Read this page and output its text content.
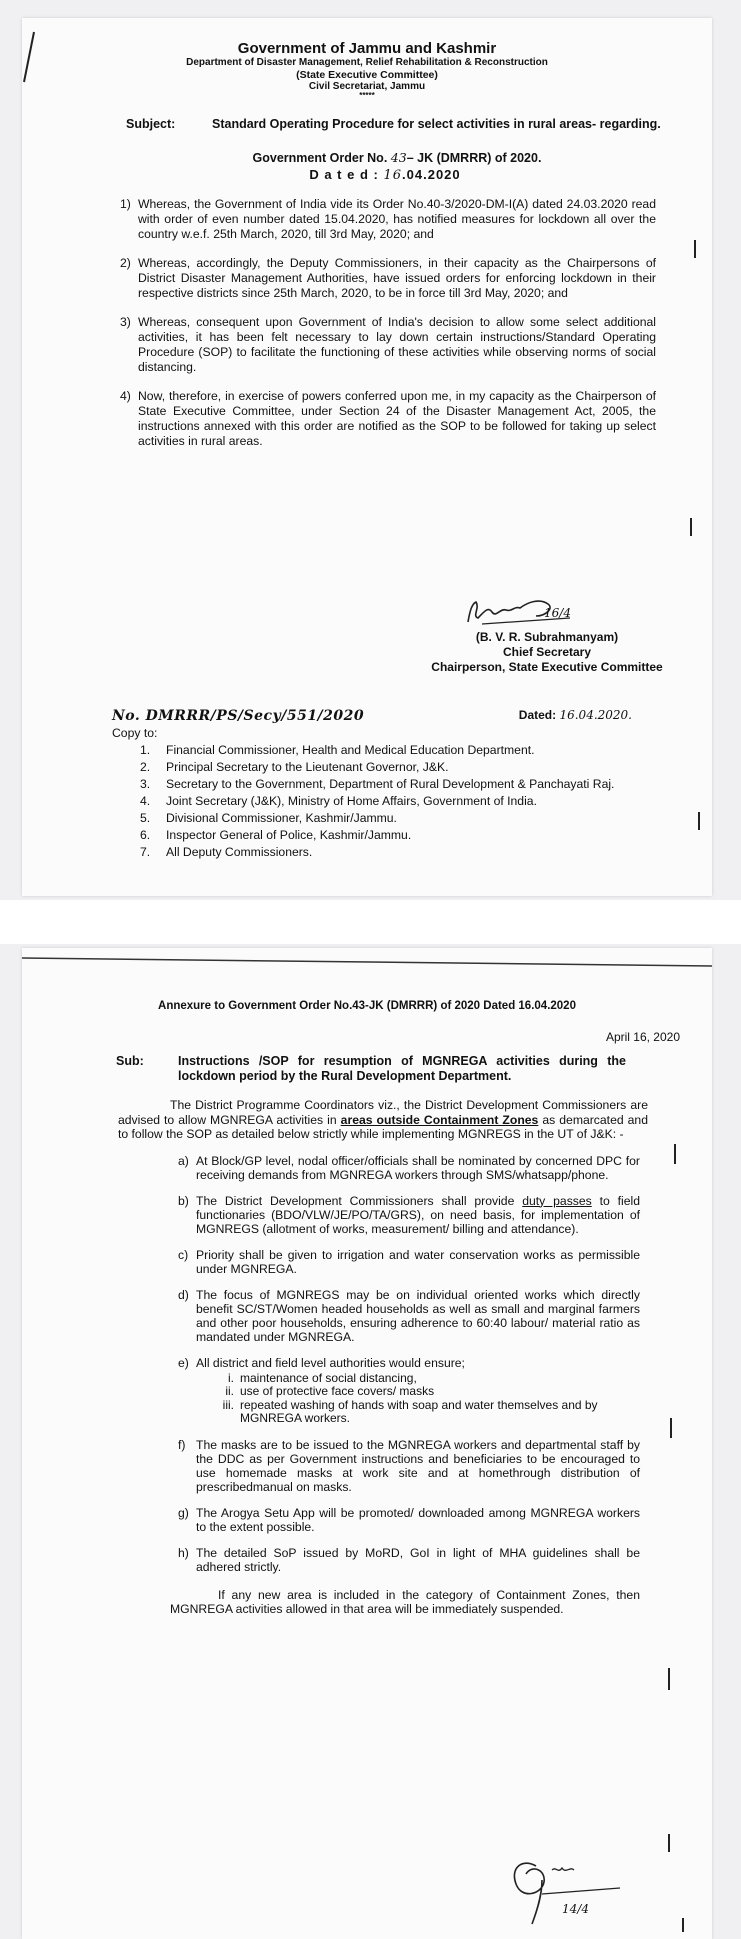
Government of Jammu and Kashmir
Department of Disaster Management, Relief Rehabilitation & Reconstruction
(State Executive Committee)
Civil Secretariat, Jammu
*****
Subject:	Standard Operating Procedure for select activities in rural areas- regarding.
Government Order No. 43– JK (DMRRR) of 2020.
D a t e d : 16.04.2020
1) Whereas, the Government of India vide its Order No.40-3/2020-DM-I(A) dated 24.03.2020 read with order of even number dated 15.04.2020, has notified measures for lockdown all over the country w.e.f. 25th March, 2020, till 3rd May, 2020; and
2) Whereas, accordingly, the Deputy Commissioners, in their capacity as the Chairpersons of District Disaster Management Authorities, have issued orders for enforcing lockdown in their respective districts since 25th March, 2020, to be in force till 3rd May, 2020; and
3) Whereas, consequent upon Government of India's decision to allow some select additional activities, it has been felt necessary to lay down certain instructions/Standard Operating Procedure (SOP) to facilitate the functioning of these activities while observing norms of social distancing.
4) Now, therefore, in exercise of powers conferred upon me, in my capacity as the Chairperson of State Executive Committee, under Section 24 of the Disaster Management Act, 2005, the instructions annexed with this order are notified as the SOP to be followed for taking up select activities in rural areas.
16/4
(B. V. R. Subrahmanyam)
Chief Secretary
Chairperson, State Executive Committee
No. DMRRR/PS/Secy/551/2020	Dated: 16.04.2020.
Copy to:
1.	Financial Commissioner, Health and Medical Education Department.
2.	Principal Secretary to the Lieutenant Governor, J&K.
3.	Secretary to the Government, Department of Rural Development & Panchayati Raj.
4.	Joint Secretary (J&K), Ministry of Home Affairs, Government of India.
5.	Divisional Commissioner, Kashmir/Jammu.
6.	Inspector General of Police, Kashmir/Jammu.
7.	All Deputy Commissioners.
Annexure to Government Order No.43-JK (DMRRR) of 2020 Dated 16.04.2020
April 16, 2020
Sub:	Instructions /SOP for resumption of MGNREGA activities during the lockdown period by the Rural Development Department.
The District Programme Coordinators viz., the District Development Commissioners are advised to allow MGNREGA activities in areas outside Containment Zones as demarcated and to follow the SOP as detailed below strictly while implementing MGNREGS in the UT of J&K: -
a) At Block/GP level, nodal officer/officials shall be nominated by concerned DPC for receiving demands from MGNREGA workers through SMS/whatsapp/phone.
b) The District Development Commissioners shall provide duty passes to field functionaries (BDO/VLW/JE/PO/TA/GRS), on need basis, for implementation of MGNREGS (allotment of works, measurement/ billing and attendance).
c) Priority shall be given to irrigation and water conservation works as permissible under MGNREGA.
d) The focus of MGNREGS may be on individual oriented works which directly benefit SC/ST/Women headed households as well as small and marginal farmers and other poor households, ensuring adherence to 60:40 labour/ material ratio as mandated under MGNREGA.
e) All district and field level authorities would ensure;
i. maintenance of social distancing,
ii. use of protective face covers/ masks
iii. repeated washing of hands with soap and water themselves and by MGNREGA workers.
f) The masks are to be issued to the MGNREGA workers and departmental staff by the DDC as per Government instructions and beneficiaries to be encouraged to use homemade masks at work site and at homethrough distribution of prescribedmanual on masks.
g) The Arogya Setu App will be promoted/ downloaded among MGNREGA workers to the extent possible.
h) The detailed SoP issued by MoRD, GoI in light of MHA guidelines shall be adhered strictly.
If any new area is included in the category of Containment Zones, then MGNREGA activities allowed in that area will be immediately suspended.
14/4
